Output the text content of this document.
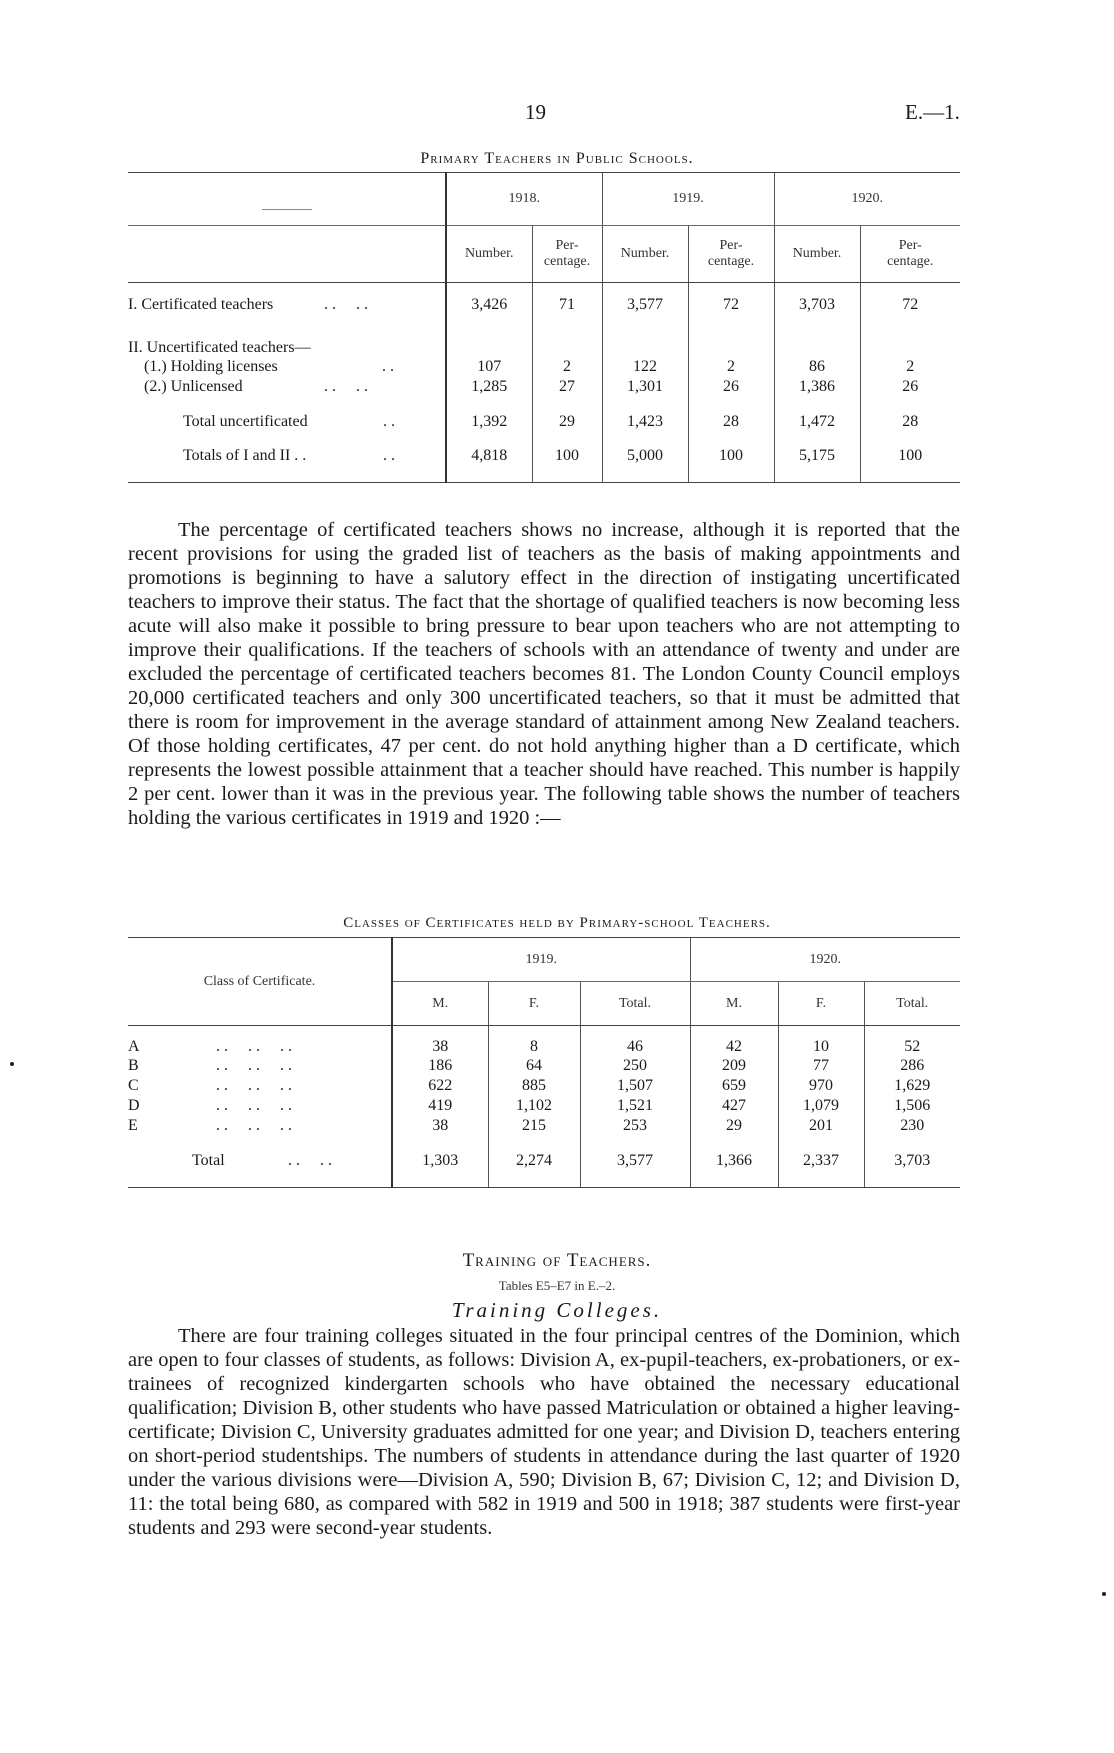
19	E.—1.
Primary Teachers in Public Schools.
	1918.		1919.		1920.	
	Number.	Per-centage.	Number.	Per-centage.	Number.	Per-centage.

I. Certificated teachers . .     . .	3,426	71	3,577	72	3,703	72
II. Uncertificated teachers—						

(1.) Holding licenses . .	107	2	122	2	86	2

(2.) Unlicensed . .     . .	1,285	27	1,301	26	1,386	26

Total uncertificated . .	1,392	29	1,423	28	1,472	28

Totals of I and II . . . .	4,818	100	5,000	100	5,175	100

The percentage of certificated teachers shows no increase, although it is reported that the recent provisions for using the graded list of teachers as the basis of making appointments and promotions is beginning to have a salutory effect in the direction of instigating uncertificated teachers to improve their status. The fact that the shortage of qualified teachers is now becoming less acute will also make it possible to bring pressure to bear upon teachers who are not attempting to improve their qualifications. If the teachers of schools with an attendance of twenty and under are excluded the percentage of certificated teachers becomes 81. The London County Council employs 20,000 certificated teachers and only 300 uncertificated teachers, so that it must be admitted that there is room for improvement in the average standard of attainment among New Zealand teachers. Of those holding certificates, 47 per cent. do not hold anything higher than a D certificate, which represents the lowest possible attainment that a teacher should have reached. This number is happily 2 per cent. lower than it was in the previous year. The following table shows the number of teachers holding the various certificates in 1919 and 1920 :—

Classes of Certificates held by Primary-school Teachers.
Class of Certificate.	1919.			1920.		
	M.	F.	Total.	M.	F.	Total.

A . .     . .     . .	38	8	46	42	10	52

B . .     . .     . .	186	64	250	209	77	286

C . .     . .     . .	622	885	1,507	659	970	1,629

D . .     . .     . .	419	1,102	1,521	427	1,079	1,506

E . .     . .     . .	38	215	253	29	201	230

Total . .     . .	1,303	2,274	3,577	1,366	2,337	3,703
Training of Teachers.
Tables E5–E7 in E.–2.
Training Colleges.

There are four training colleges situated in the four principal centres of the Dominion, which are open to four classes of students, as follows: Division A, ex-pupil-teachers, ex-probationers, or ex-trainees of recognized kindergarten schools who have obtained the necessary educational qualification; Division B, other students who have passed Matriculation or obtained a higher leaving-certificate; Division C, University graduates admitted for one year; and Division D, teachers entering on short-period studentships. The numbers of students in attendance during the last quarter of 1920 under the various divisions were—Division A, 590; Division B, 67; Division C, 12; and Division D, 11: the total being 680, as compared with 582 in 1919 and 500 in 1918; 387 students were first-year students and 293 were second-year students.
